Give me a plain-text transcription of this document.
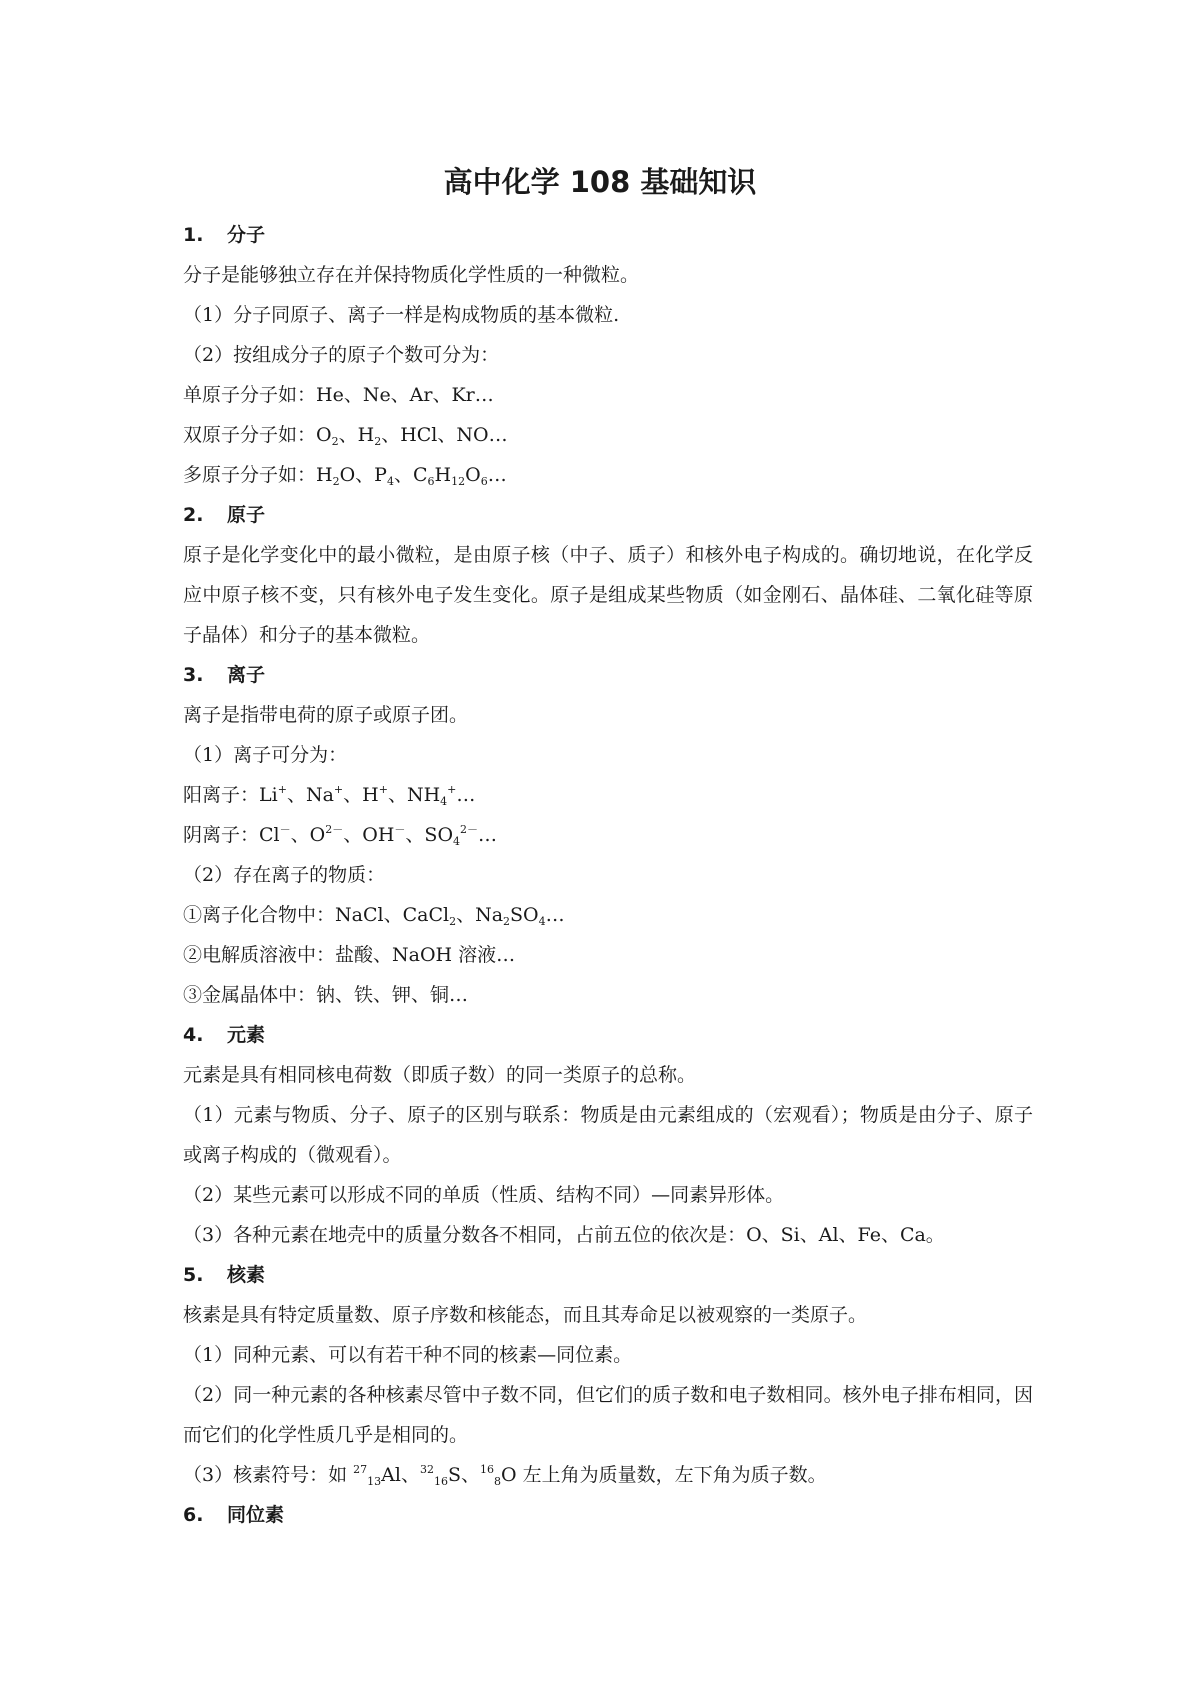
高中化学 108 基础知识
1. 分子
分子是能够独立存在并保持物质化学性质的一种微粒。
（1）分子同原子、离子一样是构成物质的基本微粒.
（2）按组成分子的原子个数可分为：
单原子分子如：He、Ne、Ar、Kr…
双原子分子如：$O_2$、$H_2$、HCl、NO…
多原子分子如：$H_2O$、$P_4$、$C_6H_{12}O_6\dots$
2. 原子
原子是化学变化中的最小微粒，是由原子核（中子、质子）和核外电子构成的。确切地说，在化学反应中原子核不变，只有核外电子发生变化。原子是组成某些物质（如金刚石、晶体硅、二氧化硅等原子晶体）和分子的基本微粒。
3. 离子
离子是指带电荷的原子或原子团。
（1）离子可分为：
阳离子：Li+、Na+、H+、$NH_4^+\dots$
阴离子：Cl－、$O^{2-}$、OH－、$SO_4^{2-}\dots$
（2）存在离子的物质：
①离子化合物中：NaCl、CaCl$_2$、$Na_2SO_4\dots$
②电解质溶液中：盐酸、NaOH 溶液…
③金属晶体中：钠、铁、钾、铜…
4. 元素
元素是具有相同核电荷数（即质子数）的同一类原子的总称。
（1）元素与物质、分子、原子的区别与联系：物质是由元素组成的（宏观看）；物质是由分子、原子或离子构成的（微观看）。
（2）某些元素可以形成不同的单质（性质、结构不同）—同素异形体。
（3）各种元素在地壳中的质量分数各不相同，占前五位的依次是：O、Si、Al、Fe、Ca。
5. 核素
核素是具有特定质量数、原子序数和核能态，而且其寿命足以被观察的一类原子。
（1）同种元素、可以有若干种不同的核素—同位素。
（2）同一种元素的各种核素尽管中子数不同，但它们的质子数和电子数相同。核外电子排布相同，因而它们的化学性质几乎是相同的。
（3）核素符号：如 $^{27}_{13}$Al、$^{32}_{16}$S、$^{16}_8$O 左上角为质量数，左下角为质子数。
6. 同位素
